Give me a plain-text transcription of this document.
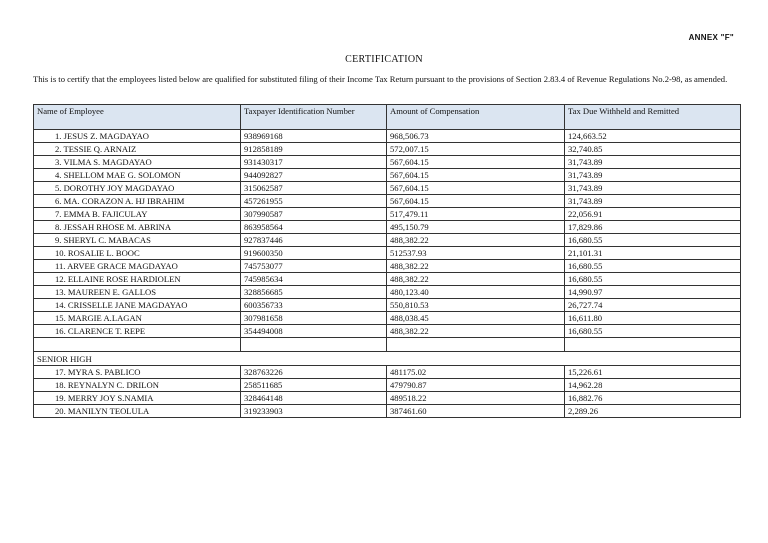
ANNEX "F"
CERTIFICATION
This is to certify that the employees listed below are qualified for substituted filing of their Income Tax Return pursuant to the provisions of Section 2.83.4 of Revenue Regulations No.2-98, as amended.
Name of Employee	Taxpayer Identification Number	Amount of Compensation	Tax Due Withheld and Remitted
1. JESUS Z. MAGDAYAO	938969168	968,506.73	124,663.52
2. TESSIE Q. ARNAIZ	912858189	572,007.15	32,740.85
3. VILMA S. MAGDAYAO	931430317	567,604.15	31,743.89
4. SHELLOM MAE G. SOLOMON	944092827	567,604.15	31,743.89
5. DOROTHY JOY MAGDAYAO	315062587	567,604.15	31,743.89
6. MA. CORAZON A. HJ IBRAHIM	457261955	567,604.15	31,743.89
7. EMMA B. FAJICULAY	307990587	517,479.11	22,056.91
8. JESSAH RHOSE M. ABRINA	863958564	495,150.79	17,829.86
9. SHERYL C. MABACAS	927837446	488,382.22	16,680.55
10. ROSALIE L. BOOC	919600350	512537.93	21,101.31
11. ARVEE GRACE MAGDAYAO	745753077	488,382.22	16,680.55
12. ELLAINE ROSE HARDIOLEN	745985634	488,382.22	16,680.55
13. MAUREEN E. GALLOS	328856685	480,123.40	14,990.97
14. CRISSELLE JANE MAGDAYAO	600356733	550,810.53	26,727.74
15. MARGIE A.LAGAN	307981658	488,038.45	16,611.80
16. CLARENCE T. REPE	354494008	488,382.22	16,680.55

SENIOR HIGH			
17. MYRA S. PABLICO	328763226	481175.02	15,226.61
18. REYNALYN C. DRILON	258511685	479790.87	14,962.28
19. MERRY JOY S.NAMIA	328464148	489518.22	16,882.76
20. MANILYN TEOLULA	319233903	387461.60	2,289.26
